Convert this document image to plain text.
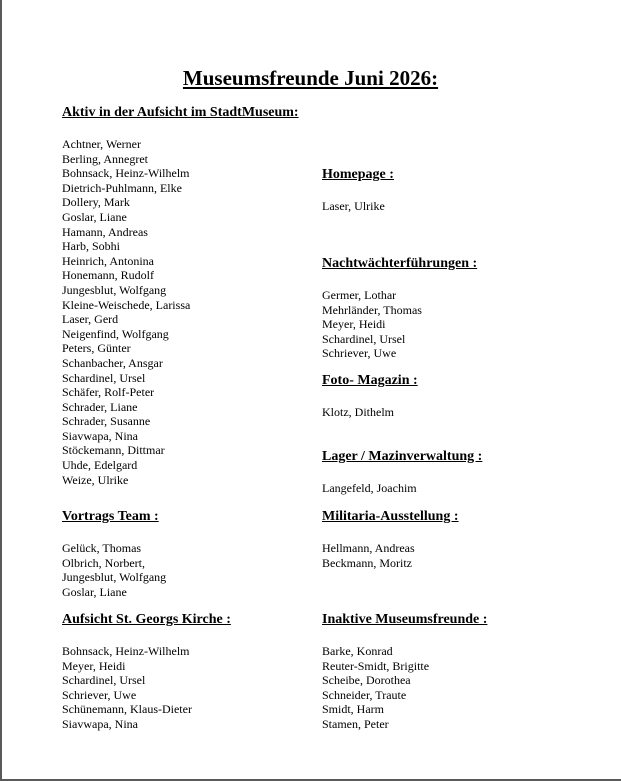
Museumsfreunde Juni 2026:
Aktiv in der Aufsicht im StadtMuseum:
Achtner, Werner
Berling, Annegret
Bohnsack, Heinz-Wilhelm
Dietrich-Puhlmann, Elke
Dollery, Mark
Goslar, Liane
Hamann, Andreas
Harb, Sobhi
Heinrich, Antonina
Honemann, Rudolf
Jungesblut, Wolfgang
Kleine-Weischede, Larissa
Laser, Gerd
Neigenfind, Wolfgang
Peters, Günter
Schanbacher, Ansgar
Schardinel, Ursel
Schäfer, Rolf-Peter
Schrader, Liane
Schrader, Susanne
Siavwapa, Nina
Stöckemann, Dittmar
Uhde, Edelgard
Weize, Ulrike
Vortrags Team :
Gelück, Thomas
Olbrich, Norbert,
Jungesblut, Wolfgang
Goslar, Liane
Aufsicht St. Georgs Kirche :
Bohnsack, Heinz-Wilhelm
Meyer, Heidi
Schardinel, Ursel
Schriever, Uwe
Schünemann, Klaus-Dieter
Siavwapa, Nina
Homepage :
Laser, Ulrike
Nachtwächterführungen :
Germer, Lothar
Mehrländer, Thomas
Meyer, Heidi
Schardinel, Ursel
Schriever, Uwe
Foto- Magazin :
Klotz, Dithelm
Lager / Mazinverwaltung :
Langefeld, Joachim
Militaria-Ausstellung :
Hellmann, Andreas
Beckmann, Moritz
Inaktive Museumsfreunde :
Barke, Konrad
Reuter-Smidt, Brigitte
Scheibe, Dorothea
Schneider, Traute
Smidt, Harm
Stamen, Peter
